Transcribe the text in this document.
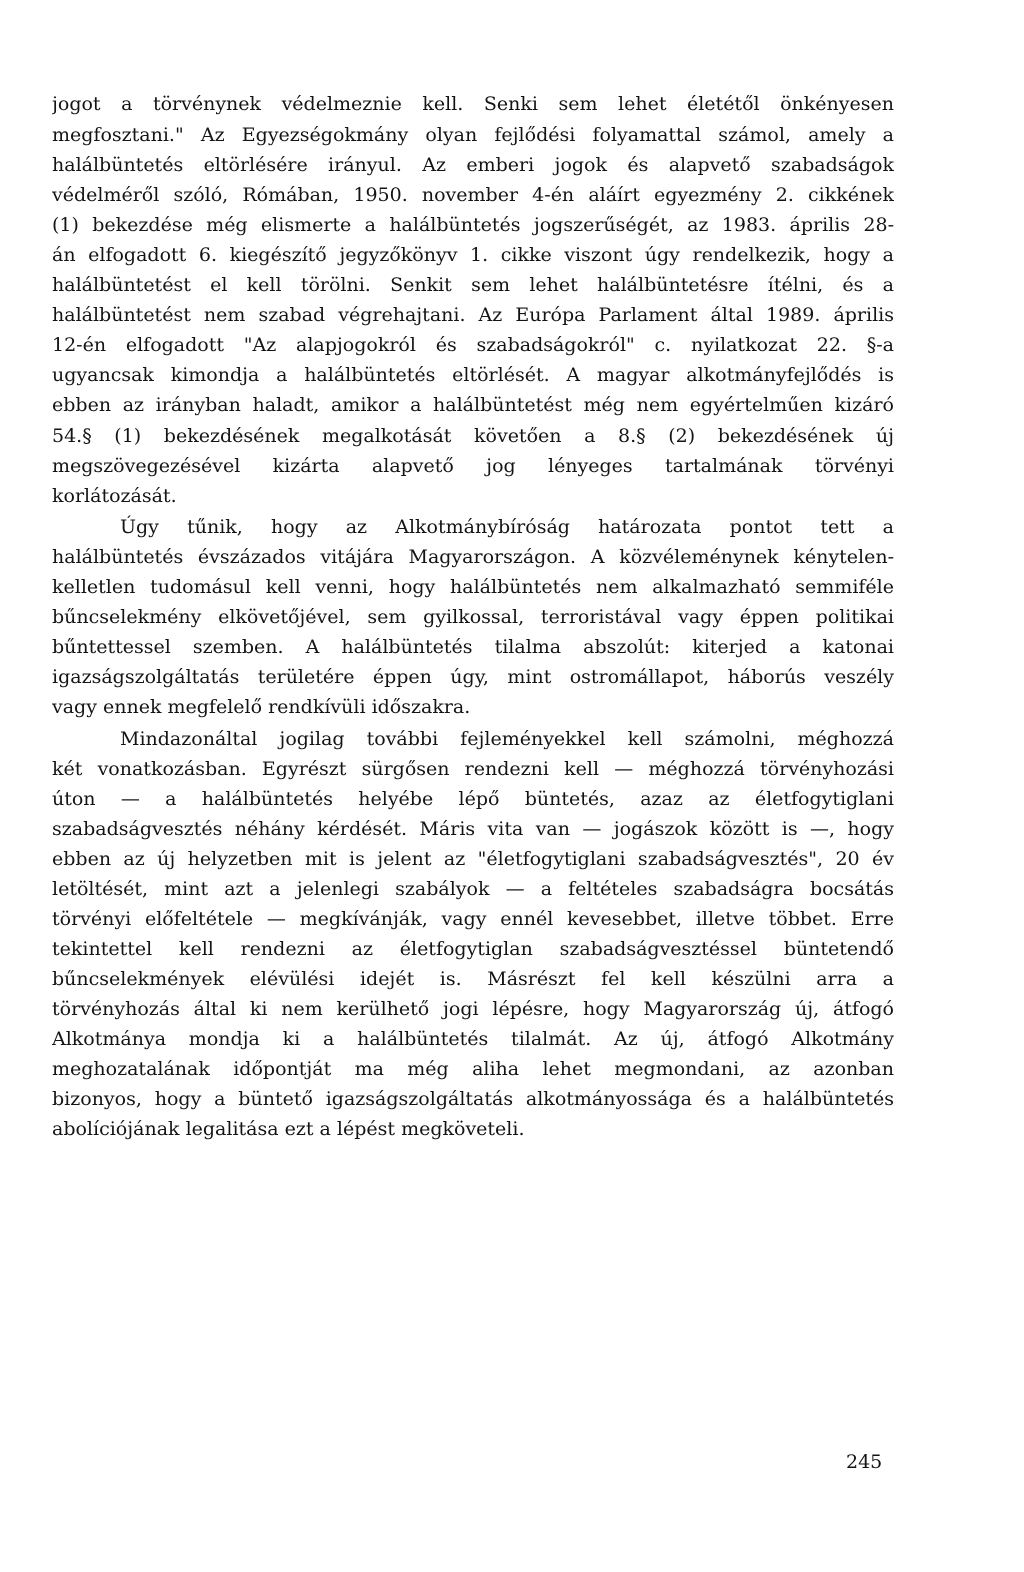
jogot a törvénynek védelmeznie kell. Senki sem lehet életétől önkényesen
megfosztani." Az Egyezségokmány olyan fejlődési folyamattal számol, amely a
halálbüntetés eltörlésére irányul. Az emberi jogok és alapvető szabadságok
védelméről szóló, Rómában, 1950. november 4-én aláírt egyezmény 2. cikkének
(1) bekezdése még elismerte a halálbüntetés jogszerűségét, az 1983. április 28-
án elfogadott 6. kiegészítő jegyzőkönyv 1. cikke viszont úgy rendelkezik, hogy a
halálbüntetést el kell törölni. Senkit sem lehet halálbüntetésre ítélni, és a
halálbüntetést nem szabad végrehajtani. Az Európa Parlament által 1989. április
12-én elfogadott "Az alapjogokról és szabadságokról" c. nyilatkozat 22. §-a
ugyancsak kimondja a halálbüntetés eltörlését. A magyar alkotmányfejlődés is
ebben az irányban haladt, amikor a halálbüntetést még nem egyértelműen kizáró
54.§ (1) bekezdésének megalkotását követően a 8.§ (2) bekezdésének új
megszövegezésével kizárta alapvető jog lényeges tartalmának törvényi
korlátozását.
Úgy tűnik, hogy az Alkotmánybíróság határozata pontot tett a
halálbüntetés évszázados vitájára Magyarországon. A közvéleménynek kénytelen-
kelletlen tudomásul kell venni, hogy halálbüntetés nem alkalmazható semmiféle
bűncselekmény elkövetőjével, sem gyilkossal, terroristával vagy éppen politikai
bűntettessel szemben. A halálbüntetés tilalma abszolút: kiterjed a katonai
igazságszolgáltatás területére éppen úgy, mint ostromállapot, háborús veszély
vagy ennek megfelelő rendkívüli időszakra.
Mindazonáltal jogilag további fejleményekkel kell számolni, méghozzá
két vonatkozásban. Egyrészt sürgősen rendezni kell — méghozzá törvényhozási
úton — a halálbüntetés helyébe lépő büntetés, azaz az életfogytiglani
szabadságvesztés néhány kérdését. Máris vita van — jogászok között is —, hogy
ebben az új helyzetben mit is jelent az "életfogytiglani szabadságvesztés", 20 év
letöltését, mint azt a jelenlegi szabályok — a feltételes szabadságra bocsátás
törvényi előfeltétele — megkívánják, vagy ennél kevesebbet, illetve többet. Erre
tekintettel kell rendezni az életfogytiglan szabadságvesztéssel büntetendő
bűncselekmények elévülési idejét is. Másrészt fel kell készülni arra a
törvényhozás által ki nem kerülhető jogi lépésre, hogy Magyarország új, átfogó
Alkotmánya mondja ki a halálbüntetés tilalmát. Az új, átfogó Alkotmány
meghozatalának időpontját ma még aliha lehet megmondani, az azonban
bizonyos, hogy a büntető igazságszolgáltatás alkotmányossága és a halálbüntetés
abolíciójának legalitása ezt a lépést megköveteli.
245
